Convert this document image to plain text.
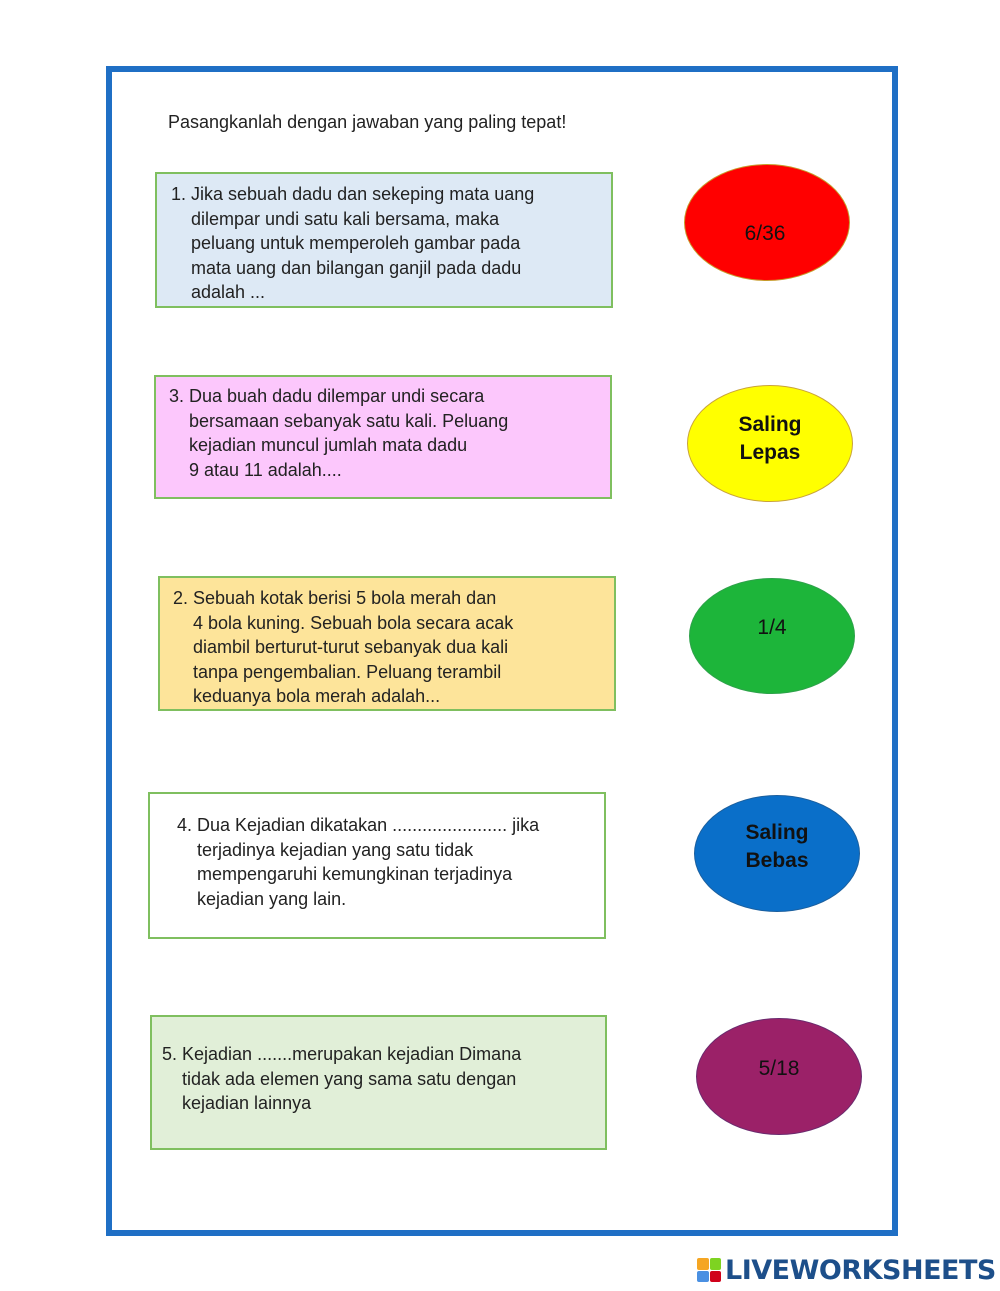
Pasangkanlah dengan jawaban yang paling tepat!
1. Jika sebuah dadu dan sekeping mata uang
dilempar undi satu kali bersama, maka
peluang untuk memperoleh gambar pada
mata uang dan bilangan ganjil pada dadu
adalah ...
3. Dua buah dadu dilempar undi secara
bersamaan sebanyak satu kali. Peluang
kejadian muncul jumlah mata dadu
9 atau 11 adalah....
2. Sebuah kotak berisi 5 bola merah dan
4 bola kuning. Sebuah bola secara acak
diambil berturut-turut sebanyak dua kali
tanpa pengembalian. Peluang terambil
keduanya bola merah adalah...
4. Dua Kejadian dikatakan ....................... jika
terjadinya kejadian yang satu tidak
mempengaruhi kemungkinan terjadinya
kejadian yang lain.
5. Kejadian .......merupakan kejadian Dimana
tidak ada elemen yang sama satu dengan
kejadian lainnya
6/36
Saling
Lepas
1/4
Saling
Bebas
5/18
LIVEWORKSHEETS
